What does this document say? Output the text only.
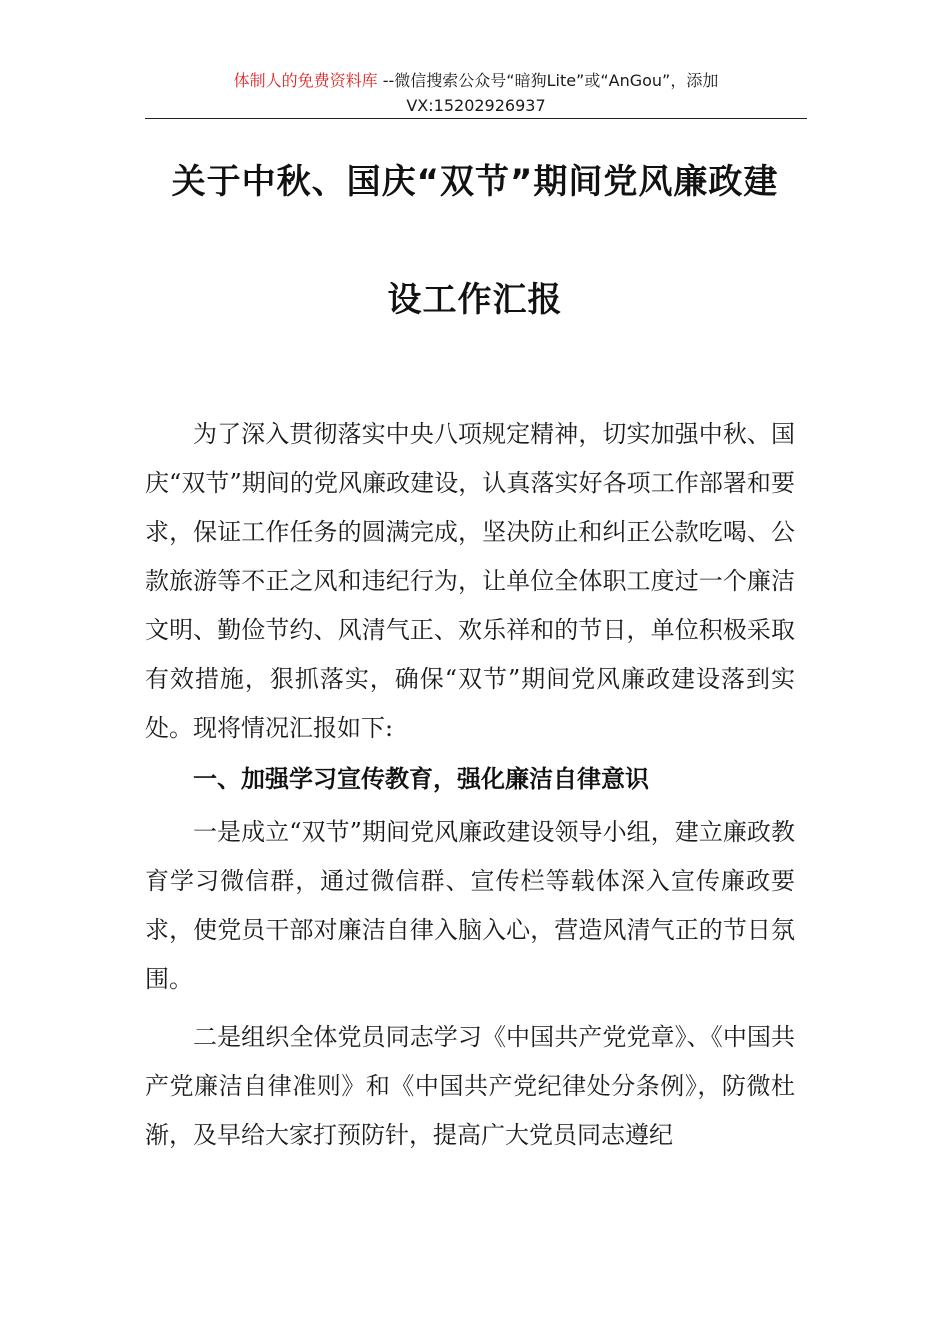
体制人的免费资料库 --微信搜索公众号“暗狗Lite”或“AnGou”，添加
VX:15202926937
关于中秋、国庆“双节”期间党风廉政建
设工作汇报

为了深入贯彻落实中央八项规定精神，切实加强中秋、国庆“双节”期间的党风廉政建设，认真落实好各项工作部署和要求，保证工作任务的圆满完成，坚决防止和纠正公款吃喝、公款旅游等不正之风和违纪行为，让单位全体职工度过一个廉洁文明、勤俭节约、风清气正、欢乐祥和的节日，单位积极采取有效措施，狠抓落实，确保“双节”期间党风廉政建设落到实处。现将情况汇报如下:

一、加强学习宣传教育，强化廉洁自律意识

一是成立“双节”期间党风廉政建设领导小组，建立廉政教育学习微信群，通过微信群、宣传栏等载体深入宣传廉政要求，使党员干部对廉洁自律入脑入心，营造风清气正的节日氛围。

二是组织全体党员同志学习《中国共产党党章》、《中国共产党廉洁自律准则》和《中国共产党纪律处分条例》，防微杜渐，及早给大家打预防针，提高广大党员同志遵纪
